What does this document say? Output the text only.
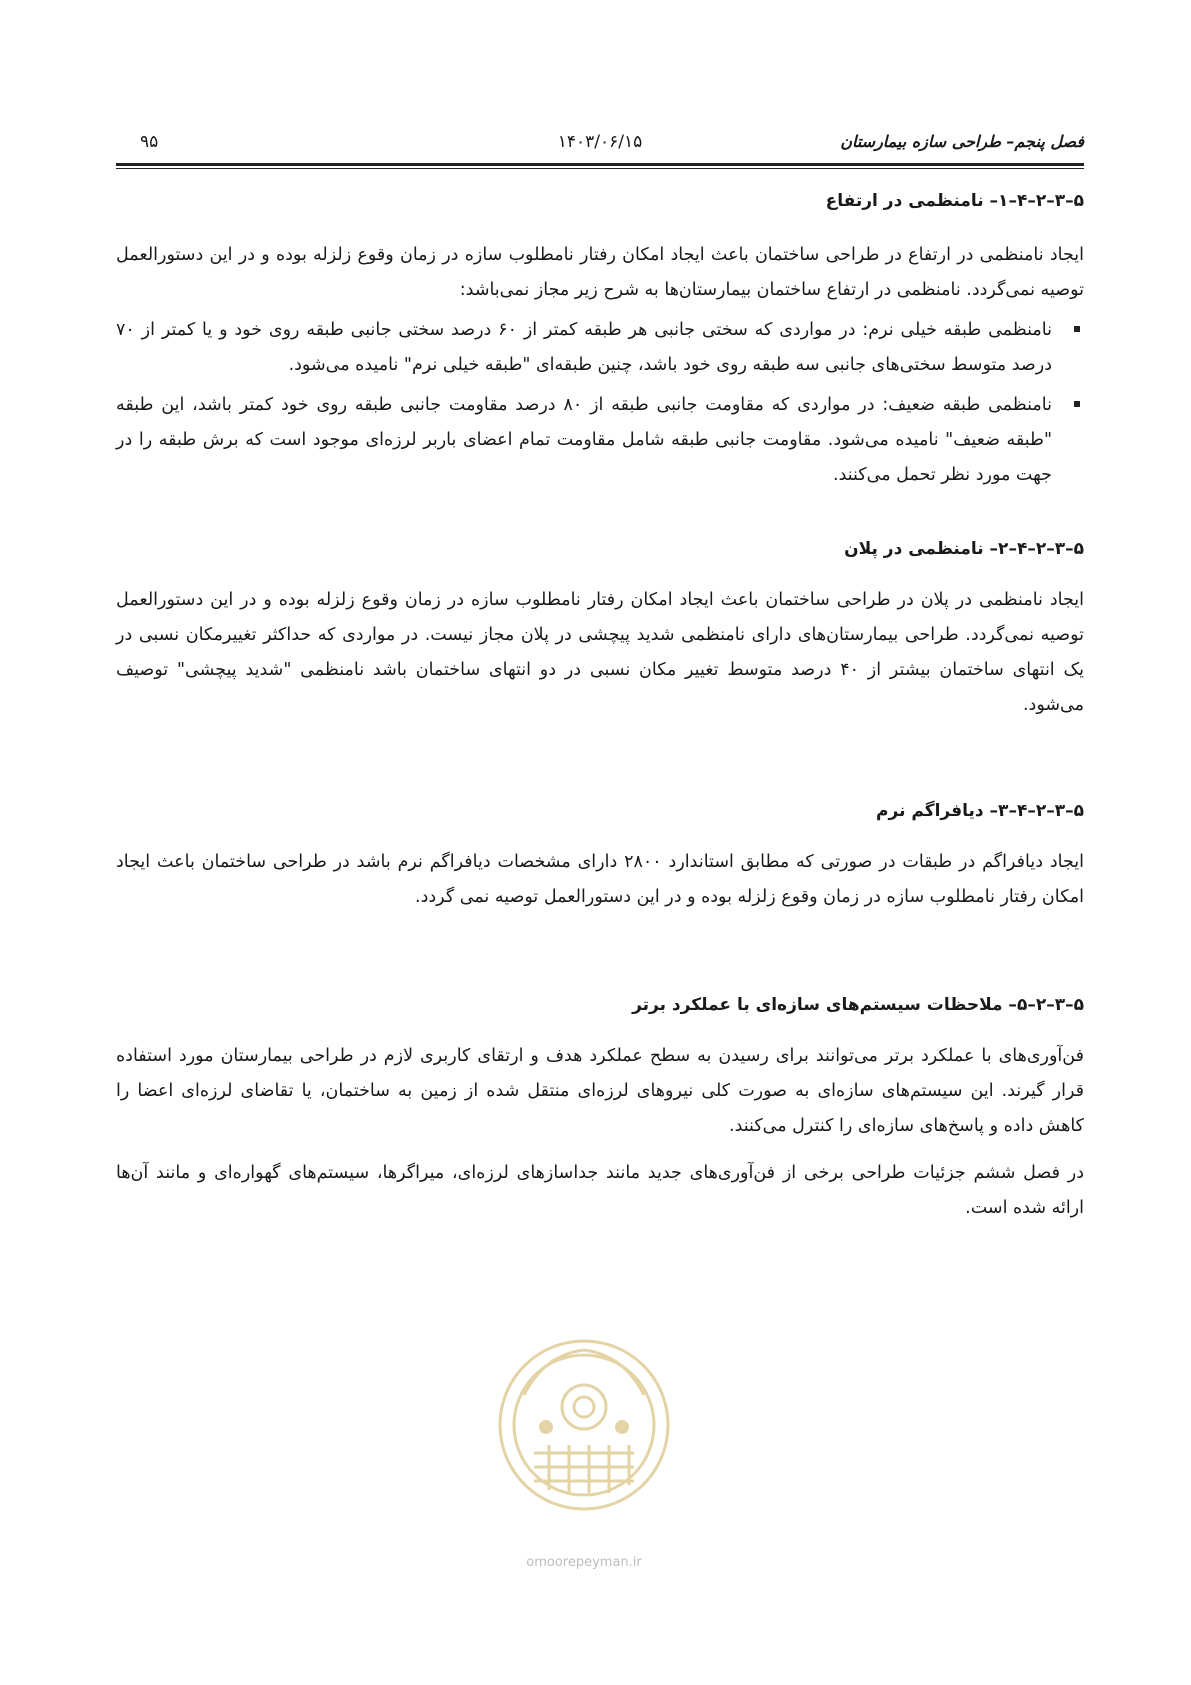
فصل پنجم– طراحی سازه بیمارستان
۱۴۰۳/۰۶/۱۵
۹۵
۵–۳–۲–۴–۱– نامنظمی در ارتفاع

ایجاد نامنظمی در ارتفاع در طراحی ساختمان باعث ایجاد امکان رفتار نامطلوب سازه در زمان وقوع زلزله بوده و در این دستورالعمل توصیه نمی‌گردد. نامنظمی در ارتفاع ساختمان بیمارستان‌ها به شرح زیر مجاز نمی‌باشد:

نامنظمی طبقه خیلی نرم: در مواردی که سختی جانبی هر طبقه کمتر از ۶۰ درصد سختی جانبی طبقه روی خود و یا کمتر از ۷۰ درصد متوسط سختی‌های جانبی سه طبقه روی خود باشد، چنین طبقه‌ای "طبقه خیلی نرم" نامیده می‌شود.
نامنظمی طبقه ضعیف: در مواردی که مقاومت جانبی طبقه از ۸۰ درصد مقاومت جانبی طبقه روی خود کمتر باشد، این طبقه "طبقه ضعیف" نامیده می‌شود. مقاومت جانبی طبقه شامل مقاومت تمام اعضای باربر لرزه‌ای موجود است که برش طبقه را در جهت مورد نظر تحمل می‌کنند.
۵–۳–۲–۴–۲– نامنظمی در پلان

ایجاد نامنظمی در پلان در طراحی ساختمان باعث ایجاد امکان رفتار نامطلوب سازه در زمان وقوع زلزله بوده و در این دستورالعمل توصیه نمی‌گردد. طراحی بیمارستان‌های دارای نامنظمی شدید پیچشی در پلان مجاز نیست. در مواردی که حداکثر تغییرمکان نسبی در یک انتهای ساختمان بیشتر از ۴۰ درصد متوسط تغییر مکان نسبی در دو انتهای ساختمان باشد نامنظمی "شدید پیچشی" توصیف می‌شود.

۵–۳–۲–۴–۳– دیافراگم نرم

ایجاد دیافراگم در طبقات در صورتی که مطابق استاندارد ۲۸۰۰ دارای مشخصات دیافراگم نرم باشد در طراحی ساختمان باعث ایجاد امکان رفتار نامطلوب سازه در زمان وقوع زلزله بوده و در این دستورالعمل توصیه نمی گردد.

۵–۳–۲–۵– ملاحظات سیستم‌های سازه‌ای با عملکرد برتر

فن‌آوری‌های با عملکرد برتر می‌توانند برای رسیدن به سطح عملکرد هدف و ارتقای کاربری لازم در طراحی بیمارستان مورد استفاده قرار گیرند. این سیستم‌های سازه‌ای به صورت کلی نیروهای لرزه‌ای منتقل شده از زمین به ساختمان، یا تقاضای لرزه‌ای اعضا را کاهش داده و پاسخ‌های سازه‌ای را کنترل می‌کنند.

در فصل ششم جزئیات طراحی برخی از فن‌آوری‌های جدید مانند جداسازهای لرزه‌ای، میراگرها، سیستم‌های گهواره‌ای و مانند آن‌ها ارائه شده است.

omoorepeyman.ir
